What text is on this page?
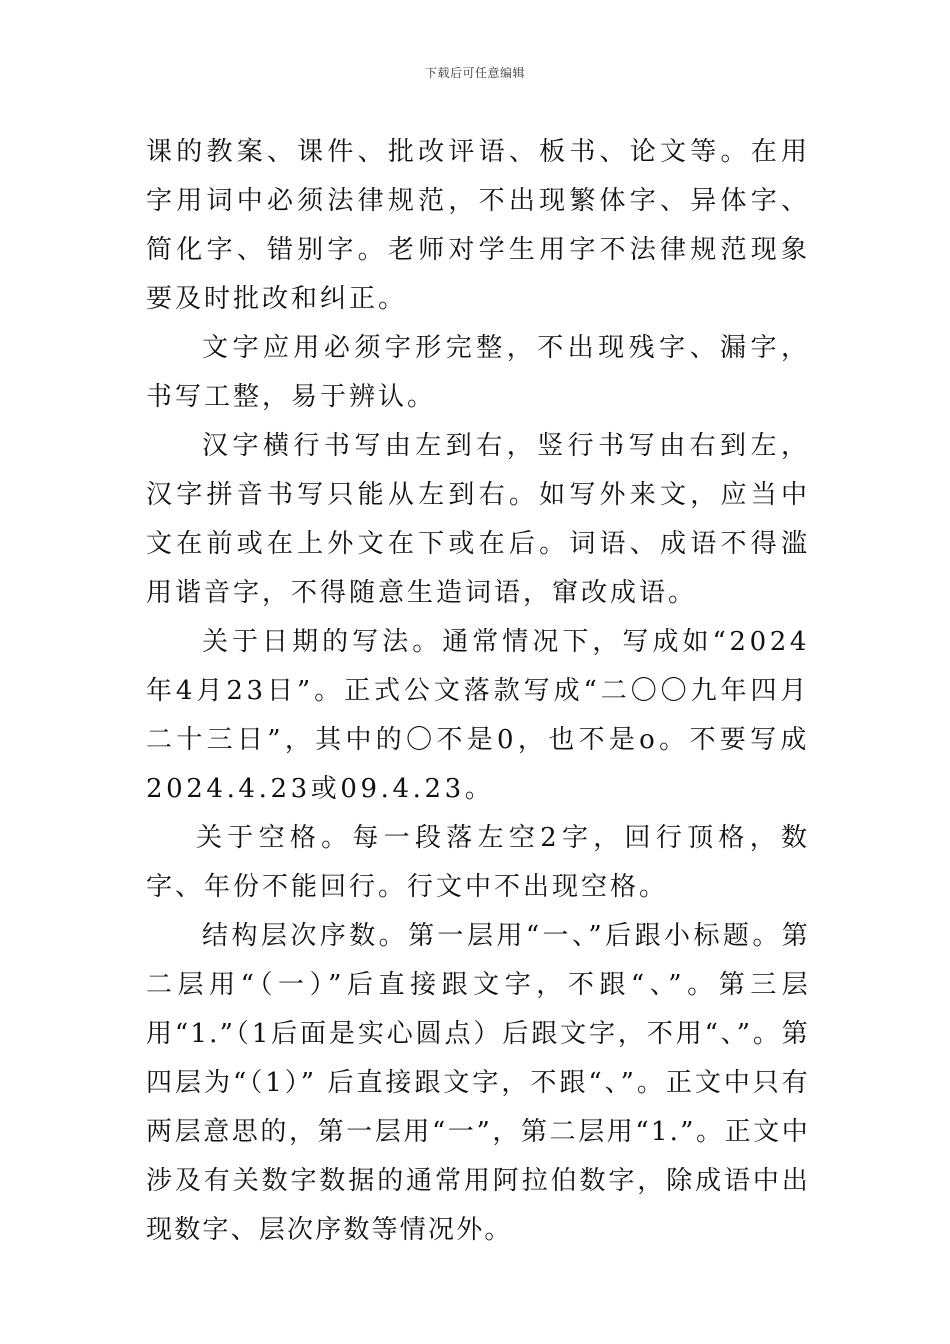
下载后可任意编辑

课的教案、课件、批改评语、板书、论文等。在用字用词中必须法律规范，不出现繁体字、异体字、简化字、错别字。老师对学生用字不法律规范现象要及时批改和纠正。

文字应用必须字形完整，不出现残字、漏字，书写工整，易于辨认。

汉字横行书写由左到右，竖行书写由右到左，汉字拼音书写只能从左到右。如写外来文，应当中文在前或在上外文在下或在后。词语、成语不得滥用谐音字，不得随意生造词语，窜改成语。

关于日期的写法。通常情况下，写成如“2024年4月23日”。正式公文落款写成“二〇〇九年四月二十三日”，其中的〇不是0，也不是o。不要写成2024.4.23或09.4.23。

关于空格。每一段落左空2字，回行顶格，数字、年份不能回行。行文中不出现空格。

结构层次序数。第一层用“一、”后跟小标题。第二层用“（一）”后直接跟文字，不跟“、”。第三层用“1.”（1后面是实心圆点）后跟文字，不用“、”。第四层为“（1）” 后直接跟文字，不跟“、”。正文中只有两层意思的，第一层用“一”，第二层用“1.”。正文中涉及有关数字数据的通常用阿拉伯数字，除成语中出现数字、层次序数等情况外。
